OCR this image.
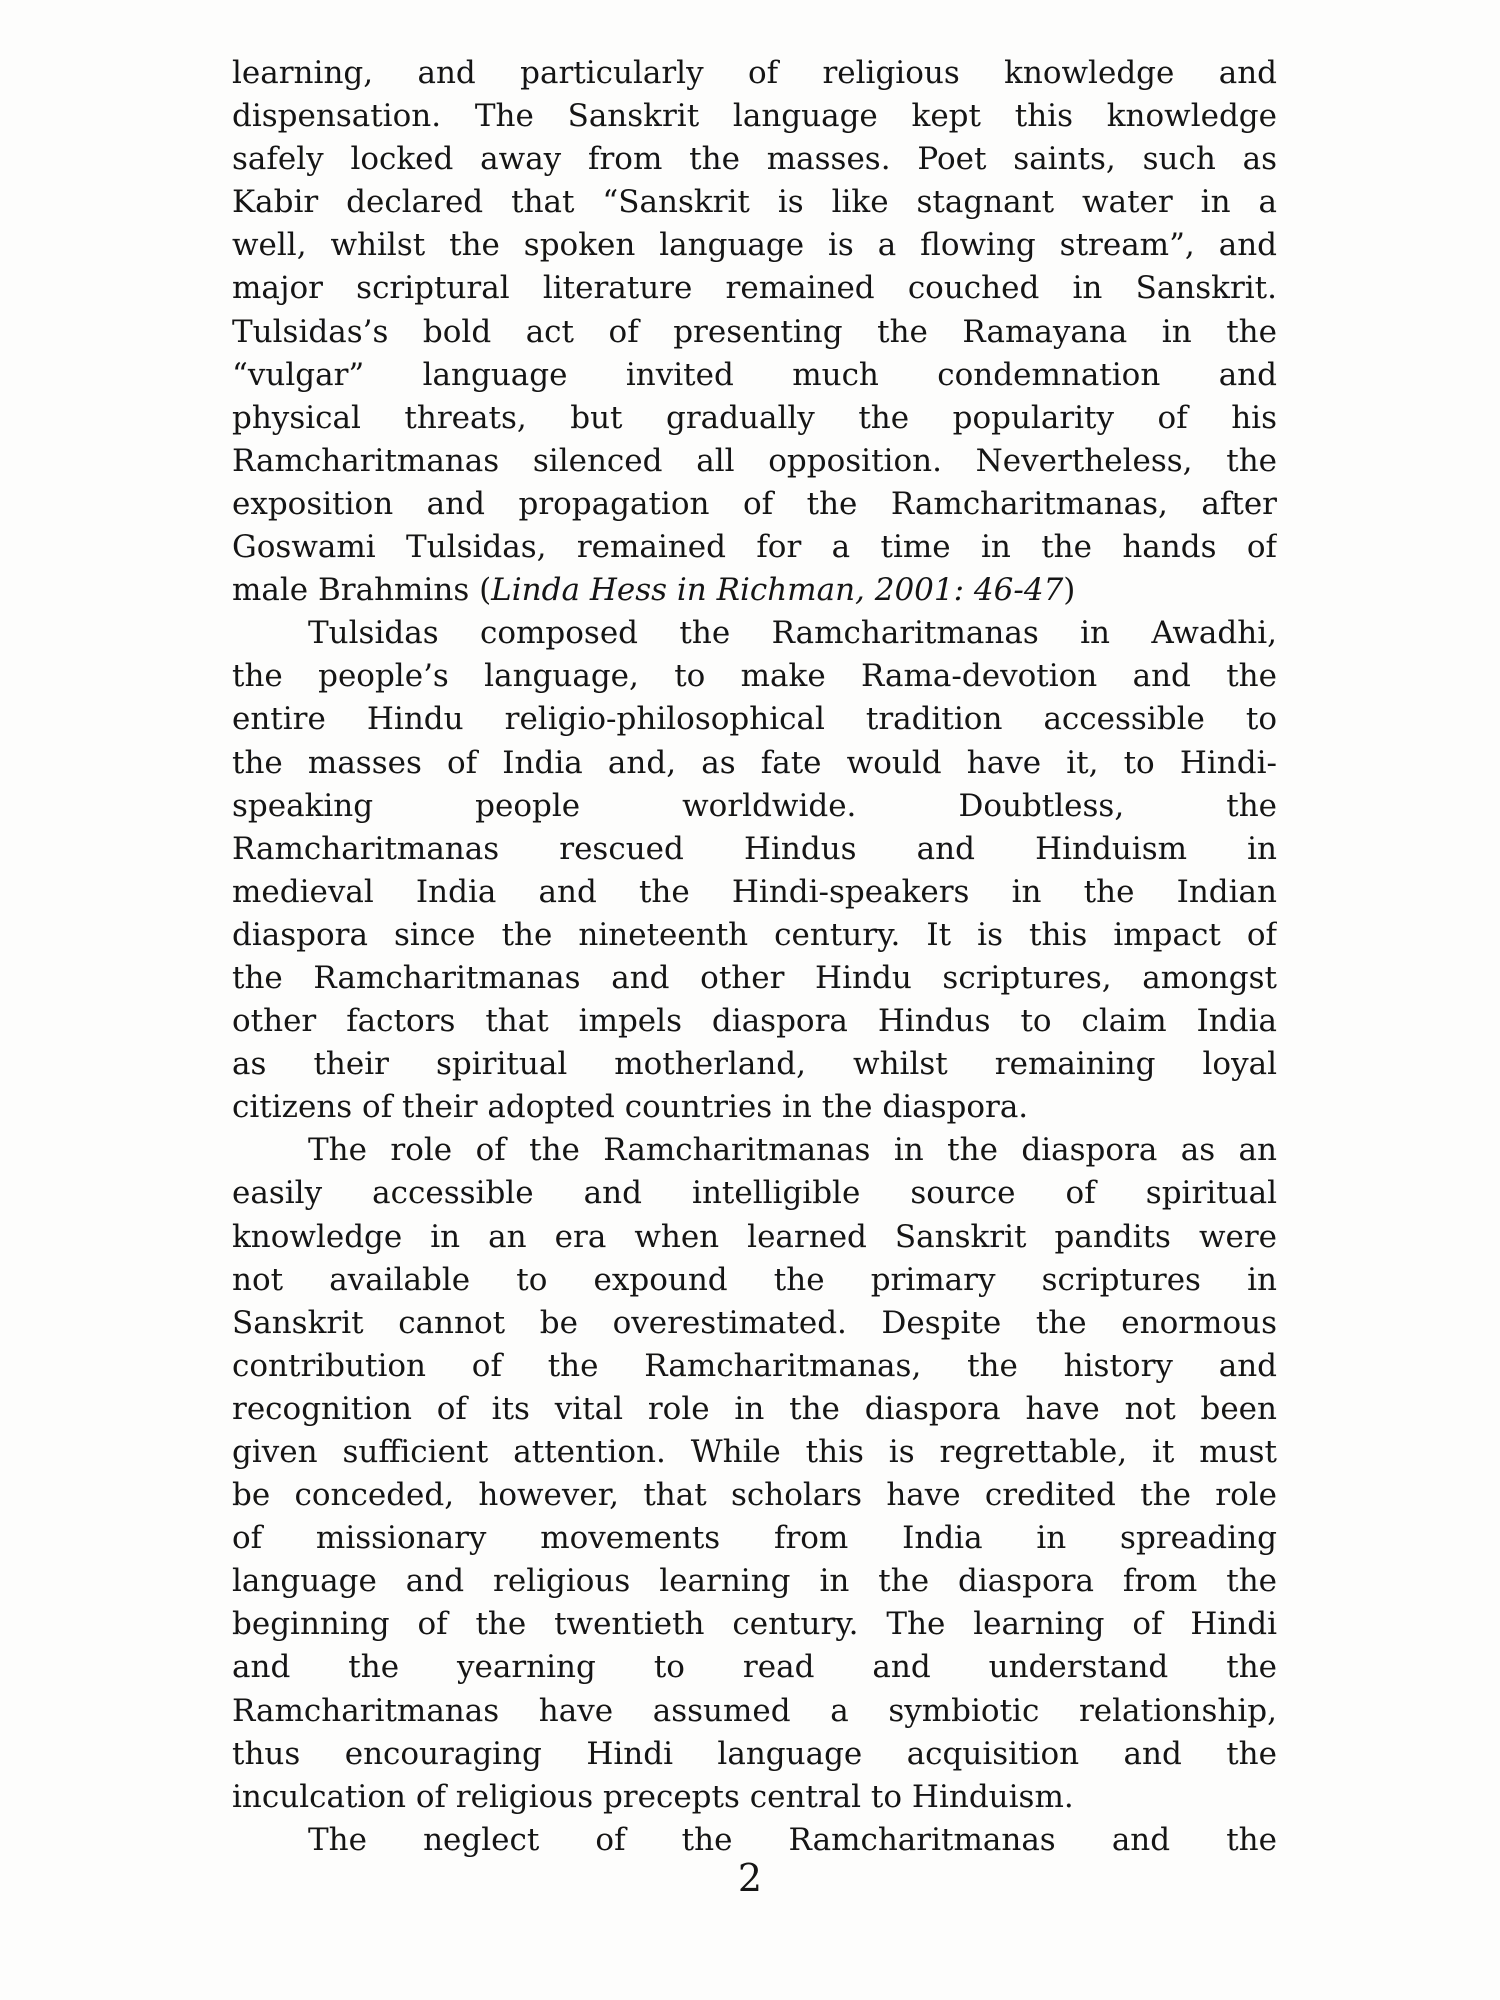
learning, and particularly of religious knowledge and
dispensation. The Sanskrit language kept this knowledge
safely locked away from the masses. Poet saints, such as
Kabir declared that “Sanskrit is like stagnant water in a
well, whilst the spoken language is a flowing stream”, and
major scriptural literature remained couched in Sanskrit.
Tulsidas’s bold act of presenting the Ramayana in the
“vulgar” language invited much condemnation and
physical threats, but gradually the popularity of his
Ramcharitmanas silenced all opposition. Nevertheless, the
exposition and propagation of the Ramcharitmanas, after
Goswami Tulsidas, remained for a time in the hands of
male Brahmins (Linda Hess in Richman, 2001: 46-47)
Tulsidas composed the Ramcharitmanas in Awadhi,
the people’s language, to make Rama-devotion and the
entire Hindu religio-philosophical tradition accessible to
the masses of India and, as fate would have it, to Hindi-
speaking people worldwide. Doubtless, the
Ramcharitmanas rescued Hindus and Hinduism in
medieval India and the Hindi-speakers in the Indian
diaspora since the nineteenth century. It is this impact of
the Ramcharitmanas and other Hindu scriptures, amongst
other factors that impels diaspora Hindus to claim India
as their spiritual motherland, whilst remaining loyal
citizens of their adopted countries in the diaspora.
The role of the Ramcharitmanas in the diaspora as an
easily accessible and intelligible source of spiritual
knowledge in an era when learned Sanskrit pandits were
not available to expound the primary scriptures in
Sanskrit cannot be overestimated. Despite the enormous
contribution of the Ramcharitmanas, the history and
recognition of its vital role in the diaspora have not been
given sufficient attention. While this is regrettable, it must
be conceded, however, that scholars have credited the role
of missionary movements from India in spreading
language and religious learning in the diaspora from the
beginning of the twentieth century. The learning of Hindi
and the yearning to read and understand the
Ramcharitmanas have assumed a symbiotic relationship,
thus encouraging Hindi language acquisition and the
inculcation of religious precepts central to Hinduism.
The neglect of the Ramcharitmanas and the
2
